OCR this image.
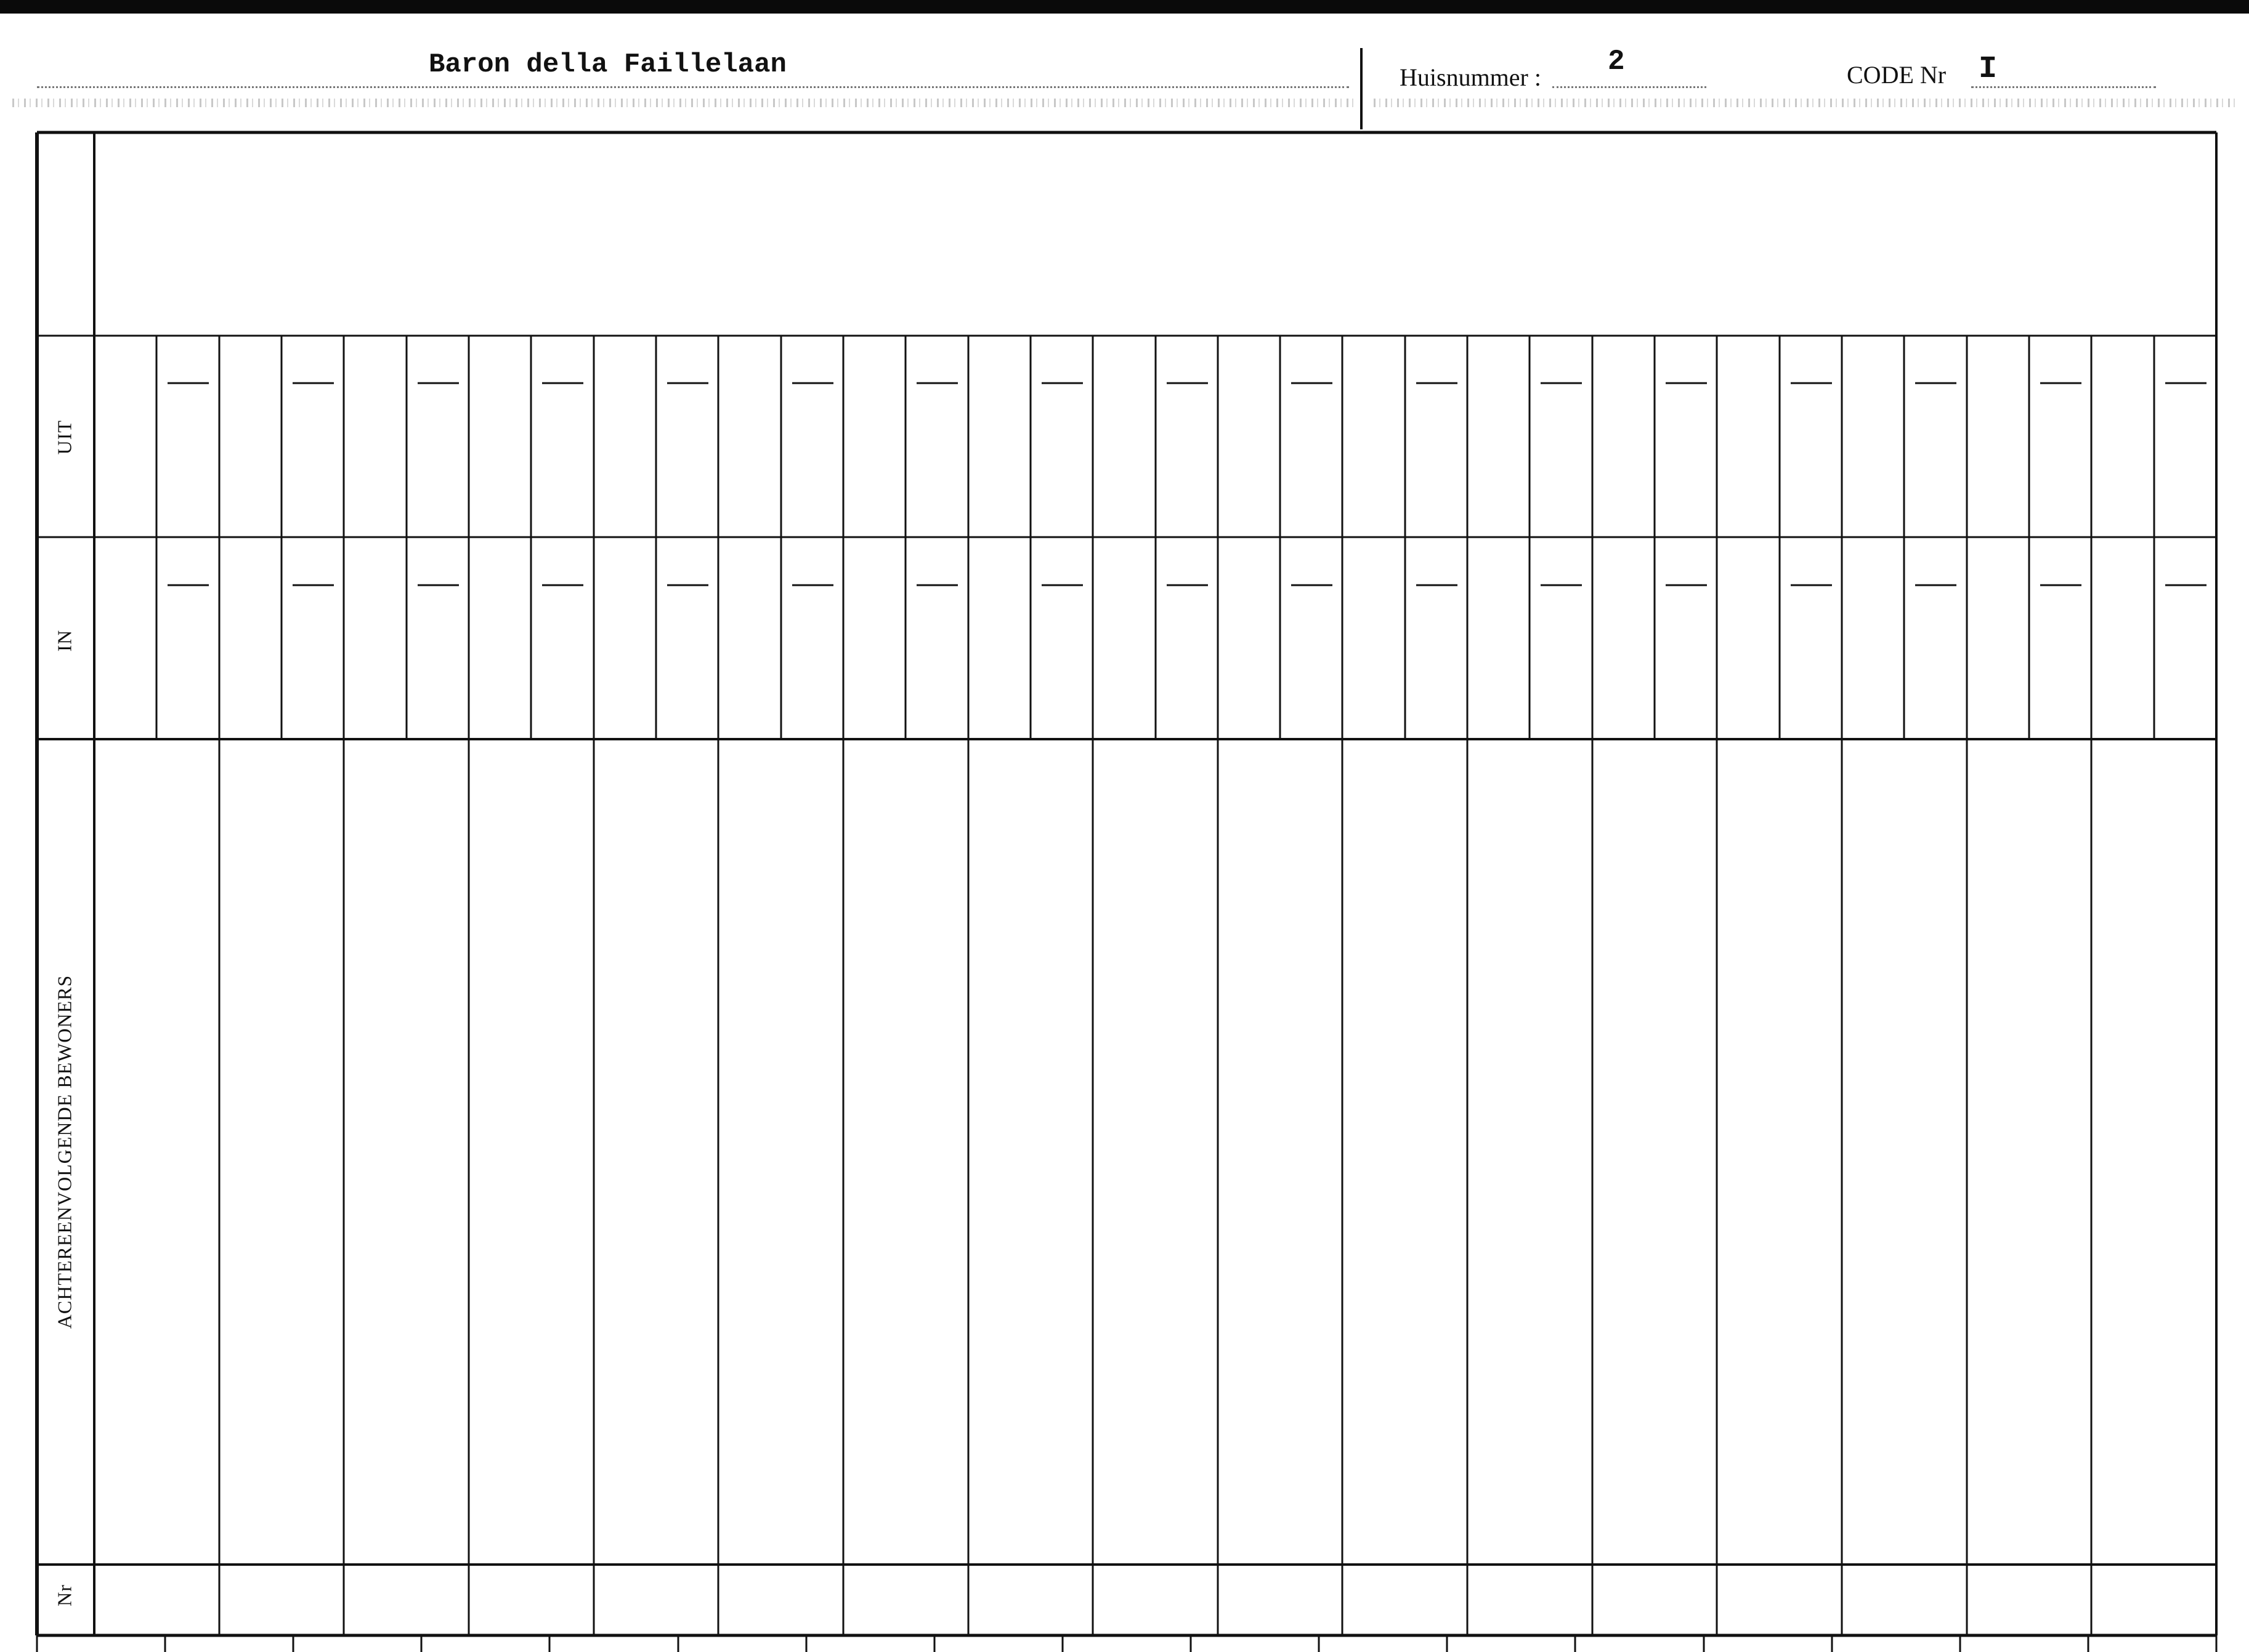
Baron della Faillelaan	Huisnummer : 2	CODE Nr I
UIT
IN
ACHTEREENVOLGENDE BEWONERS
Nr
